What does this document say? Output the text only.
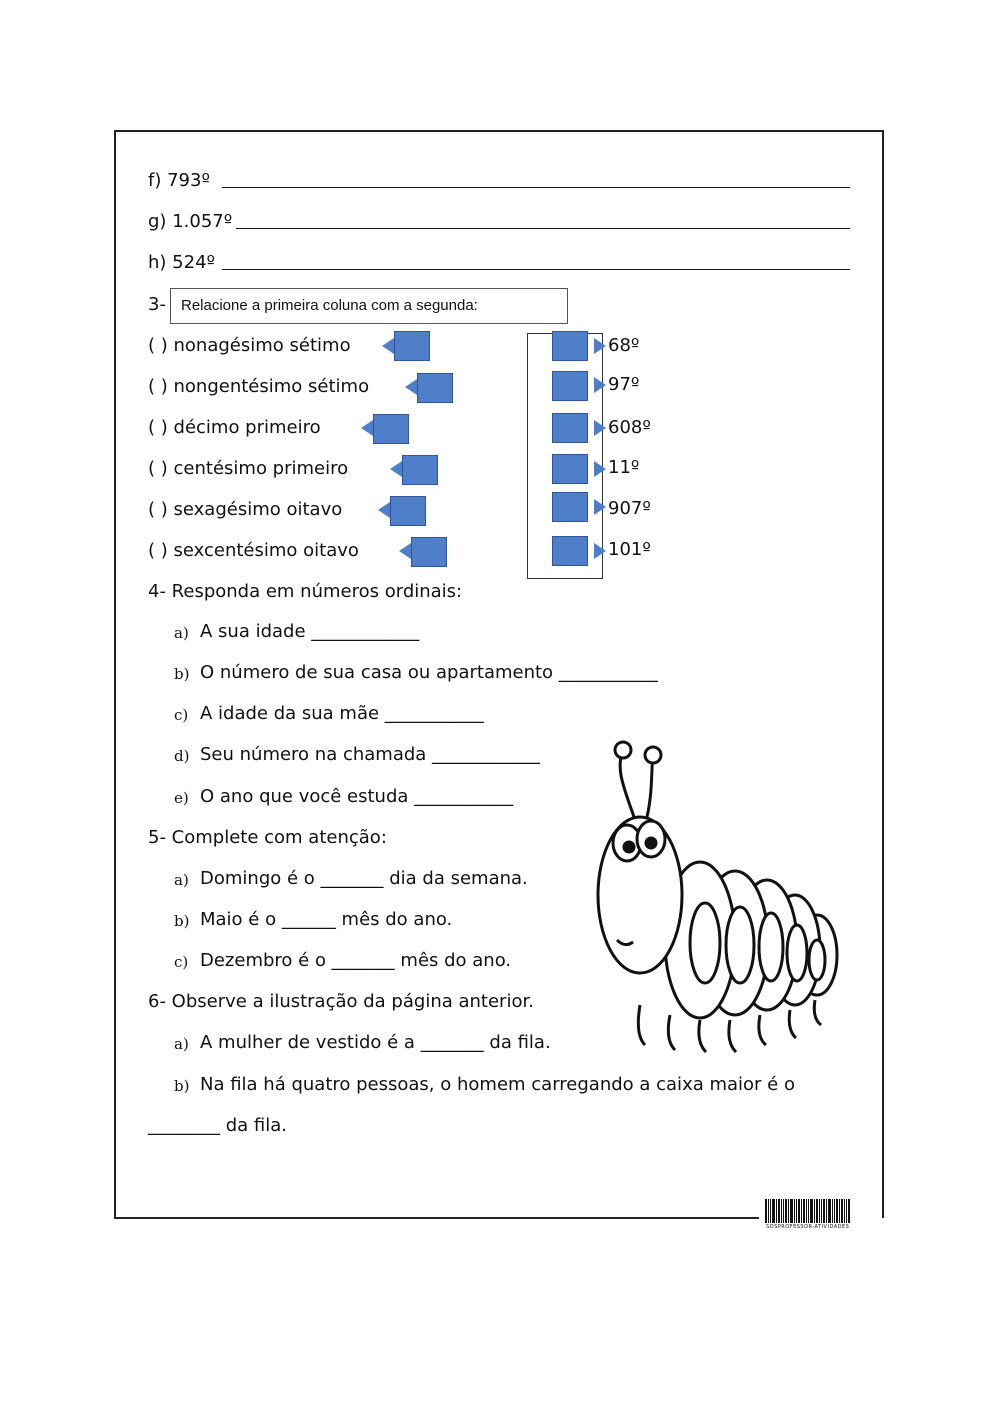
f) 793º
g) 1.057º
h) 524º
3-	Relacione a primeira coluna com a segunda:
( ) nonagésimo sétimo
( ) nongentésimo sétimo
( ) décimo primeiro
( ) centésimo primeiro
( ) sexagésimo oitavo
( ) sexcentésimo oitavo
68º
97º
608º
11º
907º
101º
4- Responda em números ordinais:
a) A sua idade ____________
b) O número de sua casa ou apartamento ___________
c) A idade da sua mãe ___________
d) Seu número na chamada ____________
e) O ano que você estuda ___________
5- Complete com atenção:
a) Domingo é o _______ dia da semana.
b) Maio é o ______ mês do ano.
c) Dezembro é o _______ mês do ano.
6- Observe a ilustração da página anterior.
a) A mulher de vestido é a _______ da fila.
b) Na fila há quatro pessoas, o homem carregando a caixa maior é o
________ da fila.
SOSPROFESSOR-ATIVIDADES
